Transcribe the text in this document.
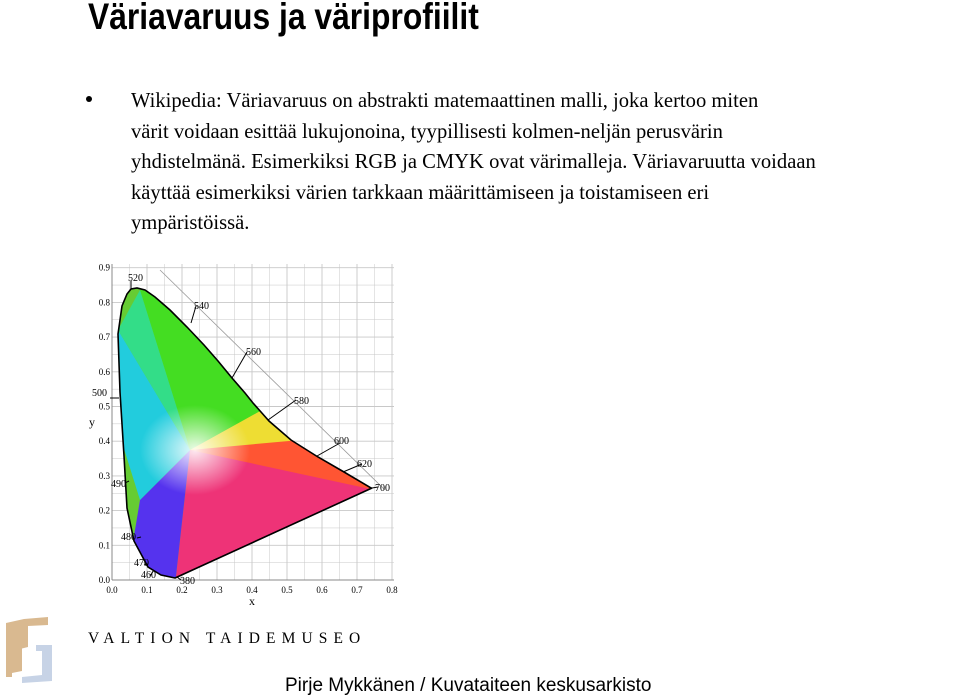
Väriavaruus ja väriprofiilit

Wikipedia: Väriavaruus on abstrakti matemaattinen malli, joka kertoo miten
värit voidaan esittää lukujonoina, tyypillisesti kolmen-neljän perusvärin
yhdistelmänä. Esimerkiksi RGB ja CMYK ovat värimalleja. Väriavaruutta voidaan
käyttää esimerkiksi värien tarkkaan määrittämiseen ja toistamiseen eri
ympäristöissä.

0.0	0.1	0.2	0.3	0.4	0.5	0.6	0.7	0.8
0.0
0.1
0.2
0.3
0.4
0.5
0.6
0.7
0.8
0.9
380
460
470
480
490
500
520
540
560
580
600
620
700
x
y
VALTION TAIDEMUSEO
Pirje Mykkänen / Kuvataiteen keskusarkisto
